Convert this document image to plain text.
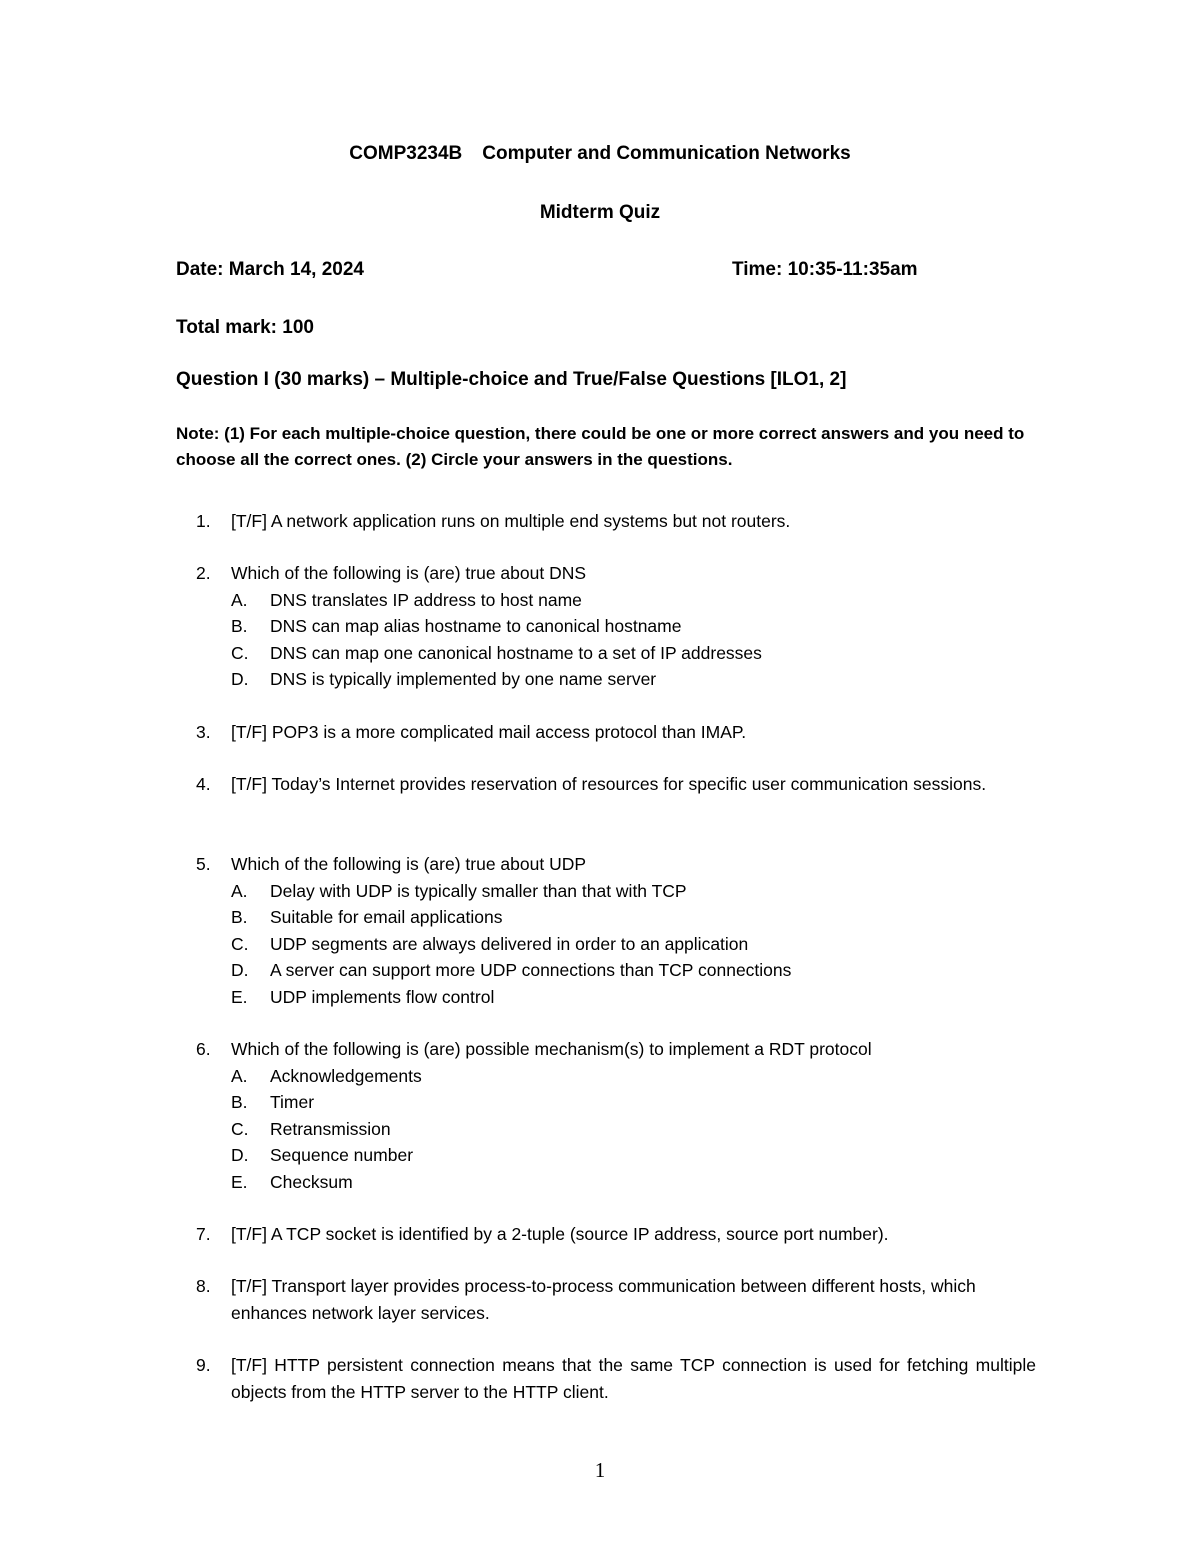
COMP3234B Computer and Communication Networks
Midterm Quiz
Date: March 14, 2024	Time: 10:35-11:35am
Total mark: 100
Question I (30 marks) – Multiple-choice and True/False Questions [ILO1, 2]
Note: (1) For each multiple-choice question, there could be one or more correct answers and you need to choose all the correct ones. (2) Circle your answers in the questions.
1. [T/F] A network application runs on multiple end systems but not routers.
2. Which of the following is (are) true about DNS
A. DNS translates IP address to host name
B. DNS can map alias hostname to canonical hostname
C. DNS can map one canonical hostname to a set of IP addresses
D. DNS is typically implemented by one name server
3. [T/F] POP3 is a more complicated mail access protocol than IMAP.
4. [T/F] Today’s Internet provides reservation of resources for specific user communication sessions.
5. Which of the following is (are) true about UDP
A. Delay with UDP is typically smaller than that with TCP
B. Suitable for email applications
C. UDP segments are always delivered in order to an application
D. A server can support more UDP connections than TCP connections
E. UDP implements flow control
6. Which of the following is (are) possible mechanism(s) to implement a RDT protocol
A. Acknowledgements
B. Timer
C. Retransmission
D. Sequence number
E. Checksum
7. [T/F] A TCP socket is identified by a 2-tuple (source IP address, source port number).
8. [T/F] Transport layer provides process-to-process communication between different hosts, which enhances network layer services.
9. [T/F] HTTP persistent connection means that the same TCP connection is used for fetching multiple objects from the HTTP server to the HTTP client.
1
